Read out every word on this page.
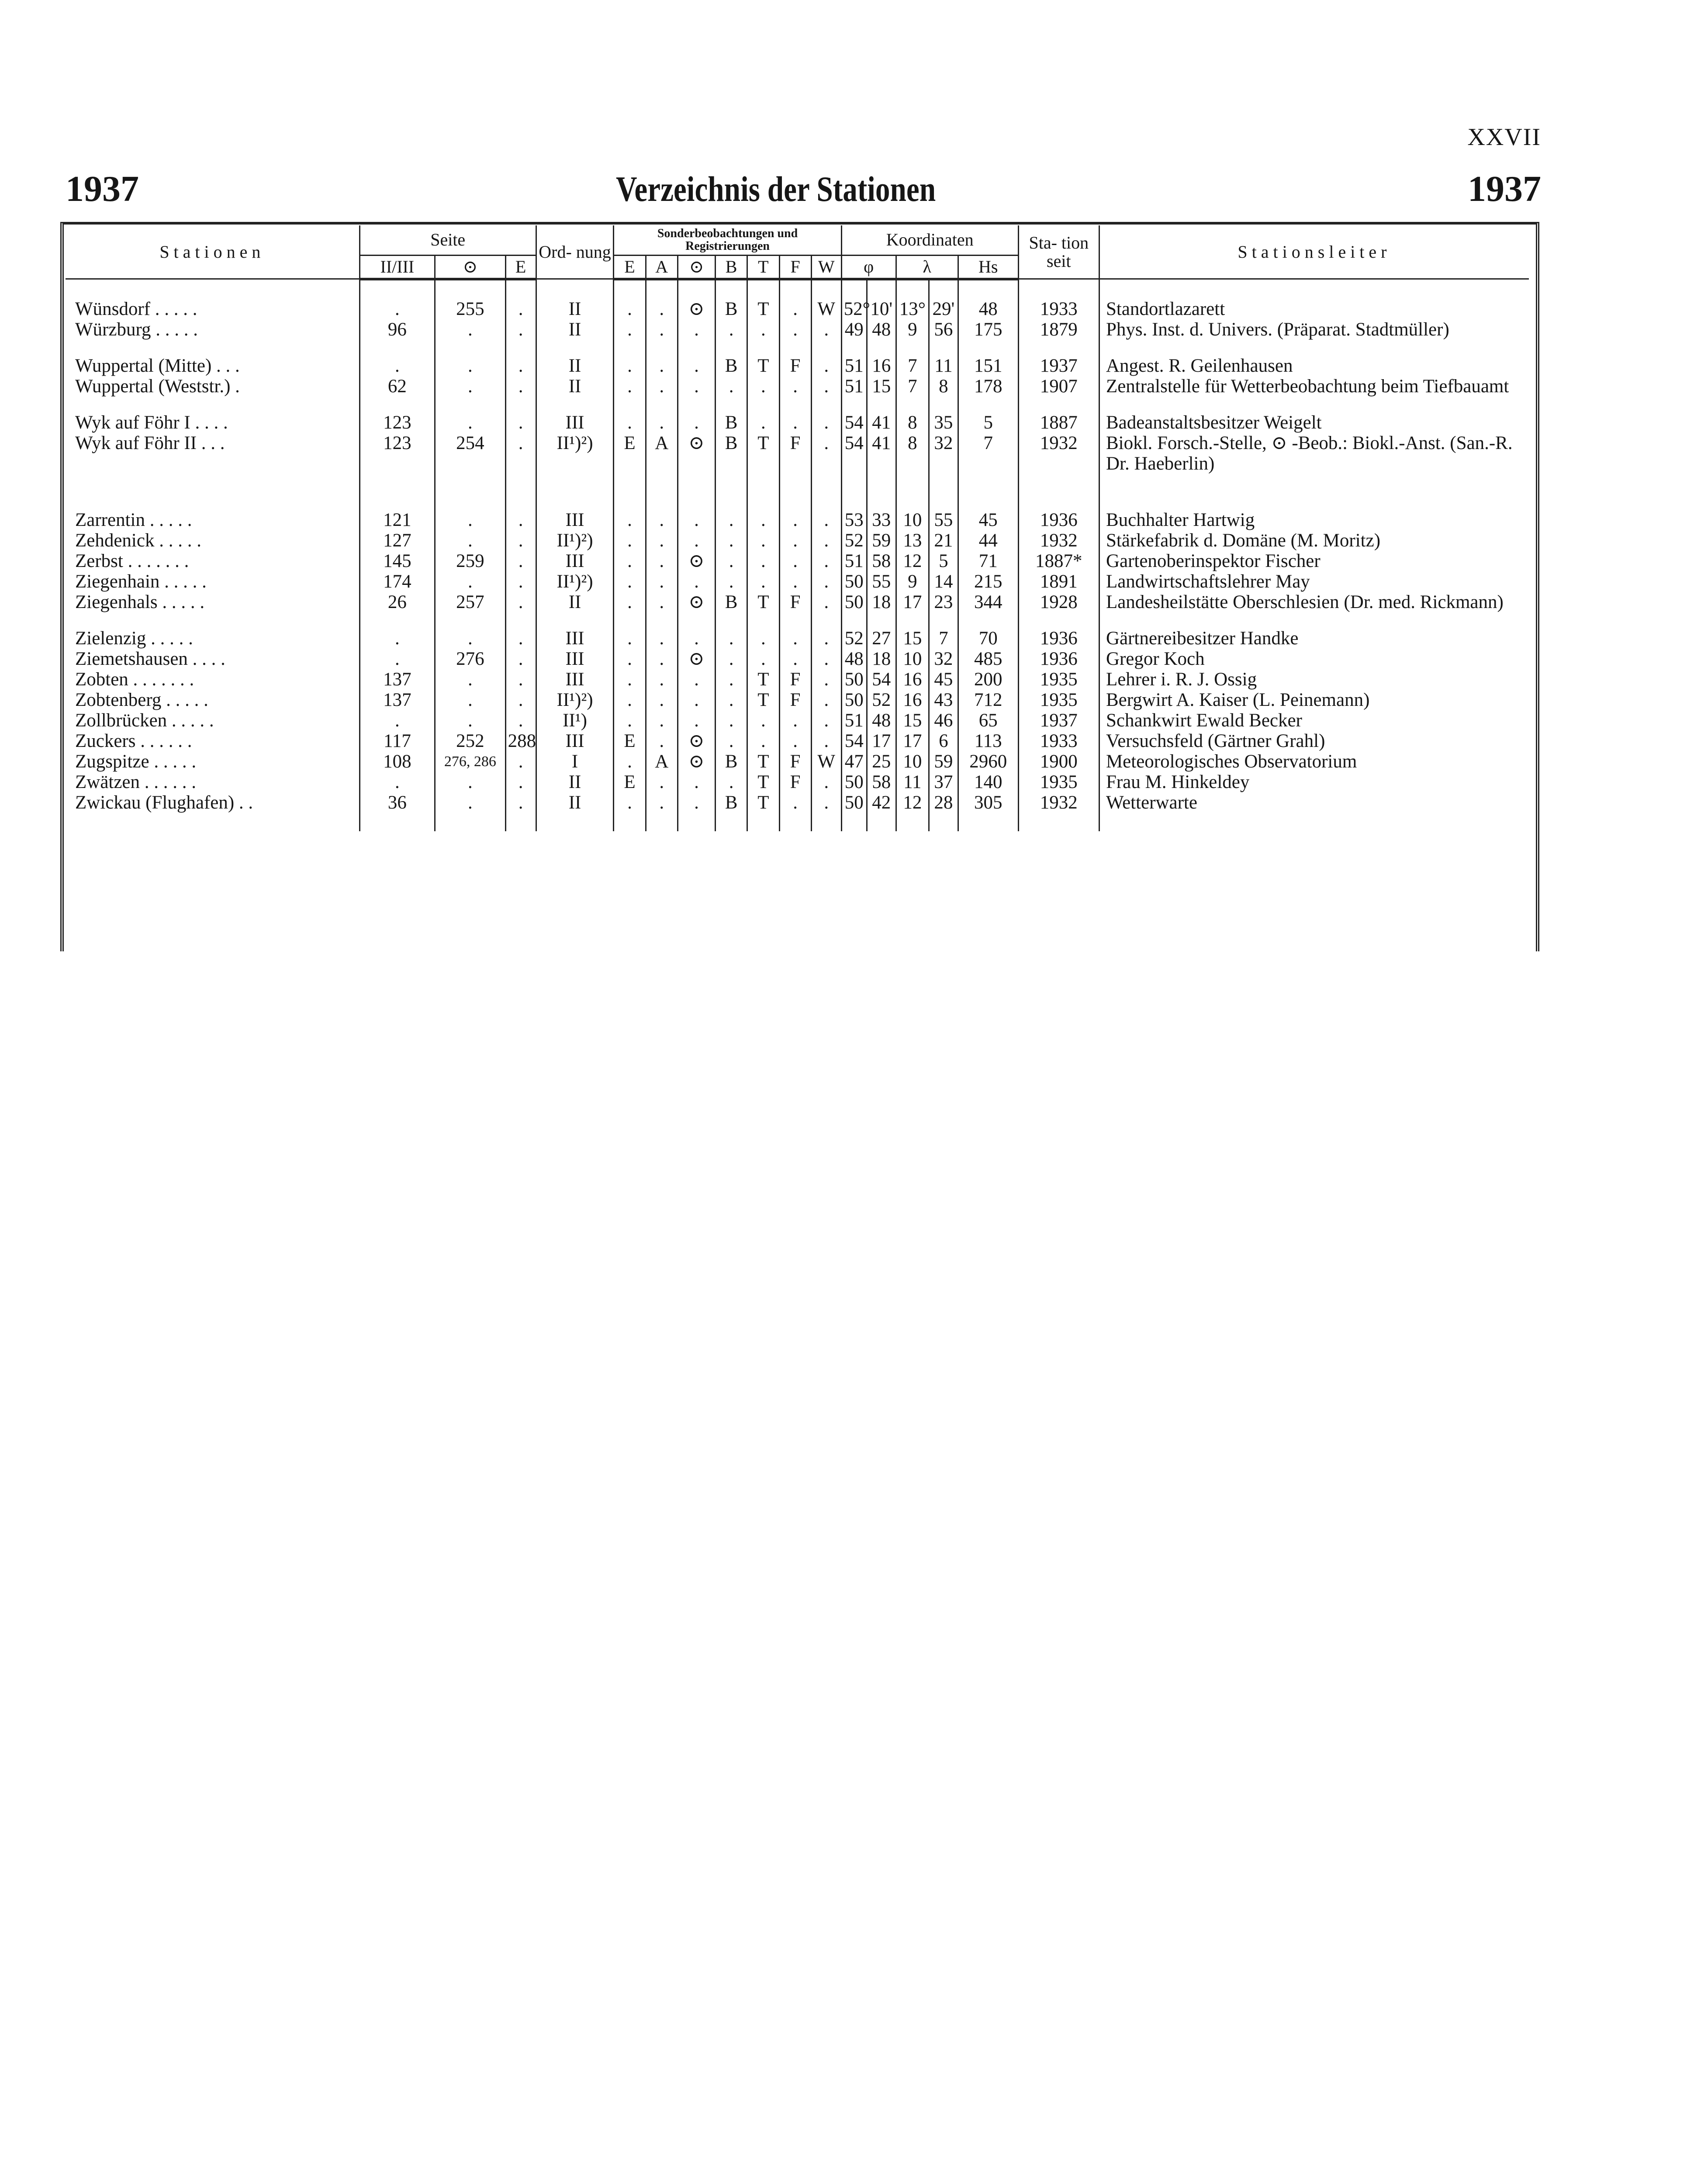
XXVII
1937	Verzeichnis der Stationen	1937
Stationen	Seite			Ord- nung	Sonderbeobachtungen und Registrierungen							Koordinaten					Sta- tion seit	Stationsleiter
	II/III	⊙	E		E	A	⊙	B	T	F	W	φ		λ		Hs		

Wünsdorf . . . . .	.	255	.	II	.	.	⊙	B	T	.	W	52°	10'	13°	29'	48	1933	Standortlazarett
Würzburg . . . . .	96	.	.	II	.	.	.	.	.	.	.	49	48	9	56	175	1879	Phys. Inst. d. Univers. (Präparat. Stadtmüller)

Wuppertal (Mitte) . . .	.	.	.	II	.	.	.	B	T	F	.	51	16	7	11	151	1937	Angest. R. Geilenhausen
Wuppertal (Weststr.) .	62	.	.	II	.	.	.	.	.	.	.	51	15	7	8	178	1907	Zentralstelle für Wetterbeobachtung beim Tiefbauamt

Wyk auf Föhr I . . . .	123	.	.	III	.	.	.	B	.	.	.	54	41	8	35	5	1887	Badeanstaltsbesitzer Weigelt
Wyk auf Föhr II . . .	123	254	.	II¹)²)	E	A	⊙	B	T	F	.	54	41	8	32	7	1932	Biokl. Forsch.-Stelle, ⊙ -Beob.: Biokl.-Anst. (San.-R. Dr. Haeberlin)

Zarrentin . . . . .	121	.	.	III	.	.	.	.	.	.	.	53	33	10	55	45	1936	Buchhalter Hartwig
Zehdenick . . . . .	127	.	.	II¹)²)	.	.	.	.	.	.	.	52	59	13	21	44	1932	Stärkefabrik d. Domäne (M. Moritz)
Zerbst . . . . . . .	145	259	.	III	.	.	⊙	.	.	.	.	51	58	12	5	71	1887*	Gartenoberinspektor Fischer
Ziegenhain . . . . .	174	.	.	II¹)²)	.	.	.	.	.	.	.	50	55	9	14	215	1891	Landwirtschaftslehrer May
Ziegenhals . . . . .	26	257	.	II	.	.	⊙	B	T	F	.	50	18	17	23	344	1928	Landesheilstätte Oberschlesien (Dr. med. Rickmann)

Zielenzig . . . . .	.	.	.	III	.	.	.	.	.	.	.	52	27	15	7	70	1936	Gärtnereibesitzer Handke
Ziemetshausen . . . .	.	276	.	III	.	.	⊙	.	.	.	.	48	18	10	32	485	1936	Gregor Koch
Zobten . . . . . . .	137	.	.	III	.	.	.	.	T	F	.	50	54	16	45	200	1935	Lehrer i. R. J. Ossig
Zobtenberg . . . . .	137	.	.	II¹)²)	.	.	.	.	T	F	.	50	52	16	43	712	1935	Bergwirt A. Kaiser (L. Peinemann)
Zollbrücken . . . . .	.	.	.	II¹)	.	.	.	.	.	.	.	51	48	15	46	65	1937	Schankwirt Ewald Becker
Zuckers . . . . . .	117	252	288	III	E	.	⊙	.	.	.	.	54	17	17	6	113	1933	Versuchsfeld (Gärtner Grahl)
Zugspitze . . . . .	108	276, 286	.	I	.	A	⊙	B	T	F	W	47	25	10	59	2960	1900	Meteorologisches Observatorium
Zwätzen . . . . . .	.	.	.	II	E	.	.	.	T	F	.	50	58	11	37	140	1935	Frau M. Hinkeldey
Zwickau (Flughafen) . .	36	.	.	II	.	.	.	B	T	.	.	50	42	12	28	305	1932	Wetterwarte
